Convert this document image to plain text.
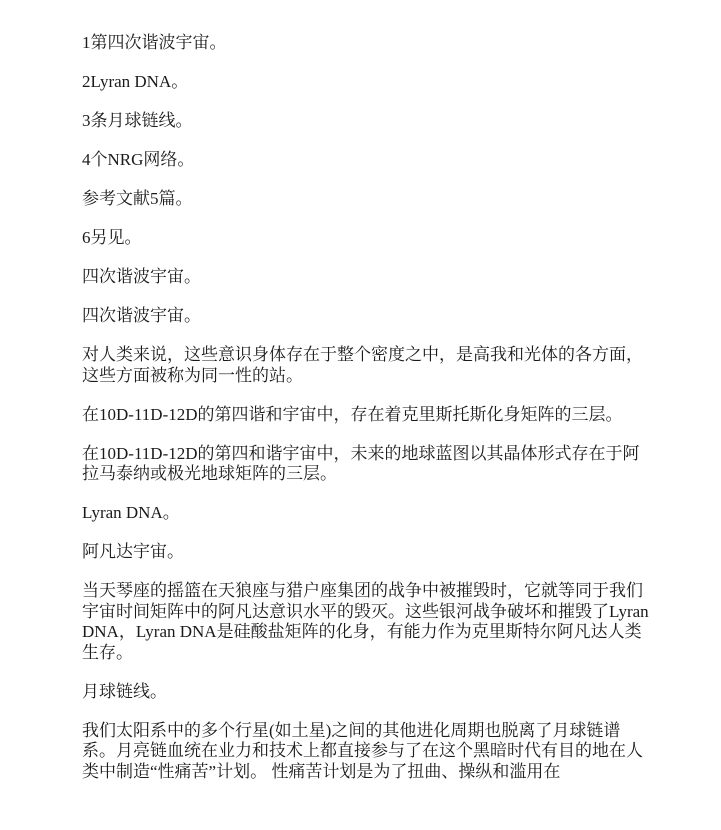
1第四次谐波宇宙。

2Lyran DNA。

3条月球链线。

4个NRG网络。

参考文献5篇。

6另见。

四次谐波宇宙。

四次谐波宇宙。

对人类来说，这些意识身体存在于整个密度之中，是高我和光体的各方面，这些方面被称为同一性的站。

在10D-11D-12D的第四谐和宇宙中，存在着克里斯托斯化身矩阵的三层。

在10D-11D-12D的第四和谐宇宙中，未来的地球蓝图以其晶体形式存在于阿拉马泰纳或极光地球矩阵的三层。

Lyran DNA。

阿凡达宇宙。

当天琴座的摇篮在天狼座与猎户座集团的战争中被摧毁时，它就等同于我们宇宙时间矩阵中的阿凡达意识水平的毁灭。这些银河战争破坏和摧毁了Lyran DNA，Lyran DNA是硅酸盐矩阵的化身，有能力作为克里斯特尔阿凡达人类生存。

月球链线。

我们太阳系中的多个行星(如土星)之间的其他进化周期也脱离了月球链谱系。月亮链血统在业力和技术上都直接参与了在这个黑暗时代有目的地在人类中制造“性痛苦”计划。 性痛苦计划是为了扭曲、操纵和滥用在
